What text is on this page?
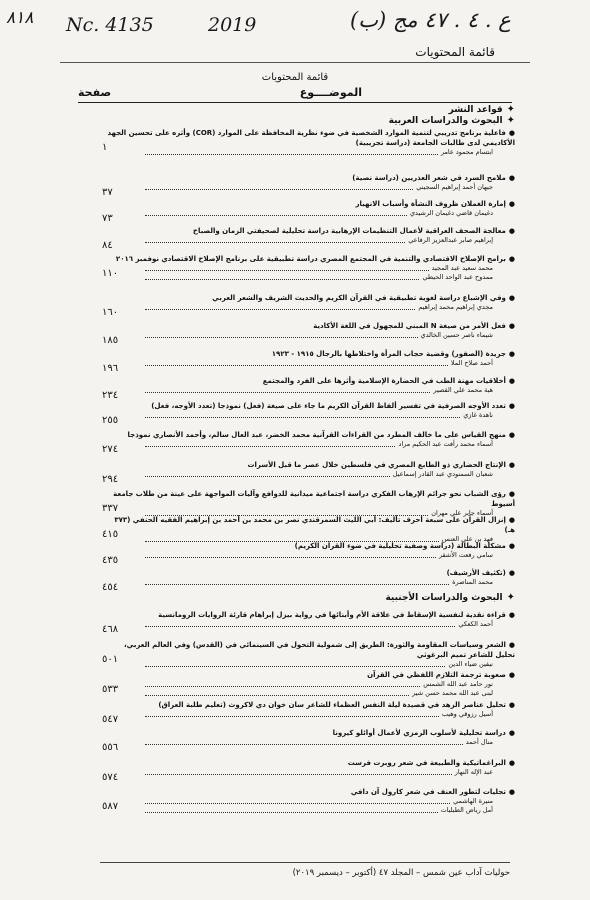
۸۱۸ Nc. 4135	2019	(ب) ع . ٤ . ٤٧ مج
قائمة المحتويات
قائمة المحتويات
الموضــــوع
صفحة
✦قواعد النشر
✦البحوث والدراسات العربية
✦البحوث والدراسات الأجنبية
●فاعلية برنامج تدريبي لتنمية الموارد الشخصية في ضوء نظرية المحافظة على الموارد (COR) وأثره على تحسين الجهد الأكاديمي لدى طالبات الجامعة (دراسة تجريبية)
ابتسام محمود عامر
١
●ملامح السرد في شعر العذريين (دراسة نصية)
جيهان أحمد إبراهيم السجيني
٣٧
●إمارة الغملان ظروف النشأة وأسباب الانهيار
دغيمان قاضي دغيمان الرشيدي
٧٣
●معالجة الصحف العراقية لأعمال التنظيمات الإرهابية دراسة تحليلية لصحيفتي الزمان والصباح
إبراهيم صابر عبدالعزيز الرفاعي
٨٤
●برامج الإصلاح الاقتصادي والتنمية في المجتمع المصري دراسة تطبيقية على برنامج الإصلاح الاقتصادي نوفمبر ٢٠١٦
محمد سعيد عبد المجيد
ممدوح عبد الواحد الحيطي
١١٠
●وفي الإشباع دراسة لغوية تطبيقية في القرآن الكريم والحديث الشريف والشعر العربي
مجدي إبراهيم محمد إبراهيم
١٦٠
●فعل الأمر من صيغة N المبني للمجهول في اللغة الأكادية
شيماء ناصر حسين الخالدي
١٨٥
●جريدة (الصفور) وقضية حجاب المرأة واختلاطها بالرجال ١٩١٥ - ١٩٢٣
أحمد صلاح الملا
١٩٦
●أخلاقيات مهنة الطب في الحضارة الإسلامية وأثرها على الفرد والمجتمع
هبة محمد علي القصير
٢٣٤
●تعدد الأوجه الصرفية في تفسير ألفاظ القرآن الكريم ما جاء على صيغة (فعل) نموذجا (تعدد الأوجه، فعل)
ناهدة غازي
٢٥٥
●منهج القياس على ما خالف المطرد من القراءات القرآنية محمد الخضر، عبد العال سالم، وأحمد الأنصاري نموذجا
أسماء محمد رأفت عبد الحكيم مراد
٢٧٤
●الإنتاج الحضاري ذو الطابع المصري في فلسطين خلال عصر ما قبل الأسرات
شعبان السمنودي عبد القادر إسماعيل
٢٩٤
●رؤى الشباب نحو جرائم الإرهاب الفكري دراسة اجتماعية ميدانية للدوافع وآليات المواجهة على عينة من طلاب جامعة أسيوط
أسماء جابر علي مهران
٣٣٧
●إنزال القرآن على سبعة أحرف تأليف: أبي الليث السمرقندي نصر بن محمد بن أحمد بن إبراهيم الفقيه الحنفي (٣٧٣ هـ)
فهد بن علي العنس
٤١٥
●مشكلة البطالة (دراسة وصفية تحليلية في ضوء القرآن الكريم)
سامي رفعت الأشقر
٤٣٥
●(تكثيف الأرشيف)
محمد المناصرة
٤٥٤
●قراءة نقدية لنفسية الإسقاط في علاقة الأم وأبنائها في رواية بيزل إبراهام قارئة الروايات الرومانسية
أحمد الكعكي
٤٦٨
●الشعر وسياسات المقاومة والثورة: الطريق إلى شمولية التحول في السينمائي في (القدس) وفي العالم العربي، تحليل للشاعر تميم البرغوثي
نيفين ضياء الدين
٥٠١
●صعوبة ترجمة التلازم اللفظي في القرآن
نور حامد عبد الله الشمس
لبنى عبد الله محمد حسن شير
٥٣٣
●تحليل عناصر الزهد في قصيدة ليلة النفس العظماء للشاعر سان خوان دي لاكروث (تعليم طلبة العراق)
أسيل رزوقي وهيب
٥٤٧
●دراسة تحليلية لأسلوب الرمزي لأعمال أوائلو كيرونا
منال أحمد
٥٥٦
●البراغماتيكية والطبيعة في شعر روبرت فرست
عبد الإله النهار
٥٧٤
●تجليات لتطور العنف في شعر كارول آن دافي
منيرة الهاشمي
أمل رياض الطبليات
٥٨٧
حوليات آداب عين شمس – المجلد ٤٧ (أكتوبر – ديسمبر ٢٠١٩)
